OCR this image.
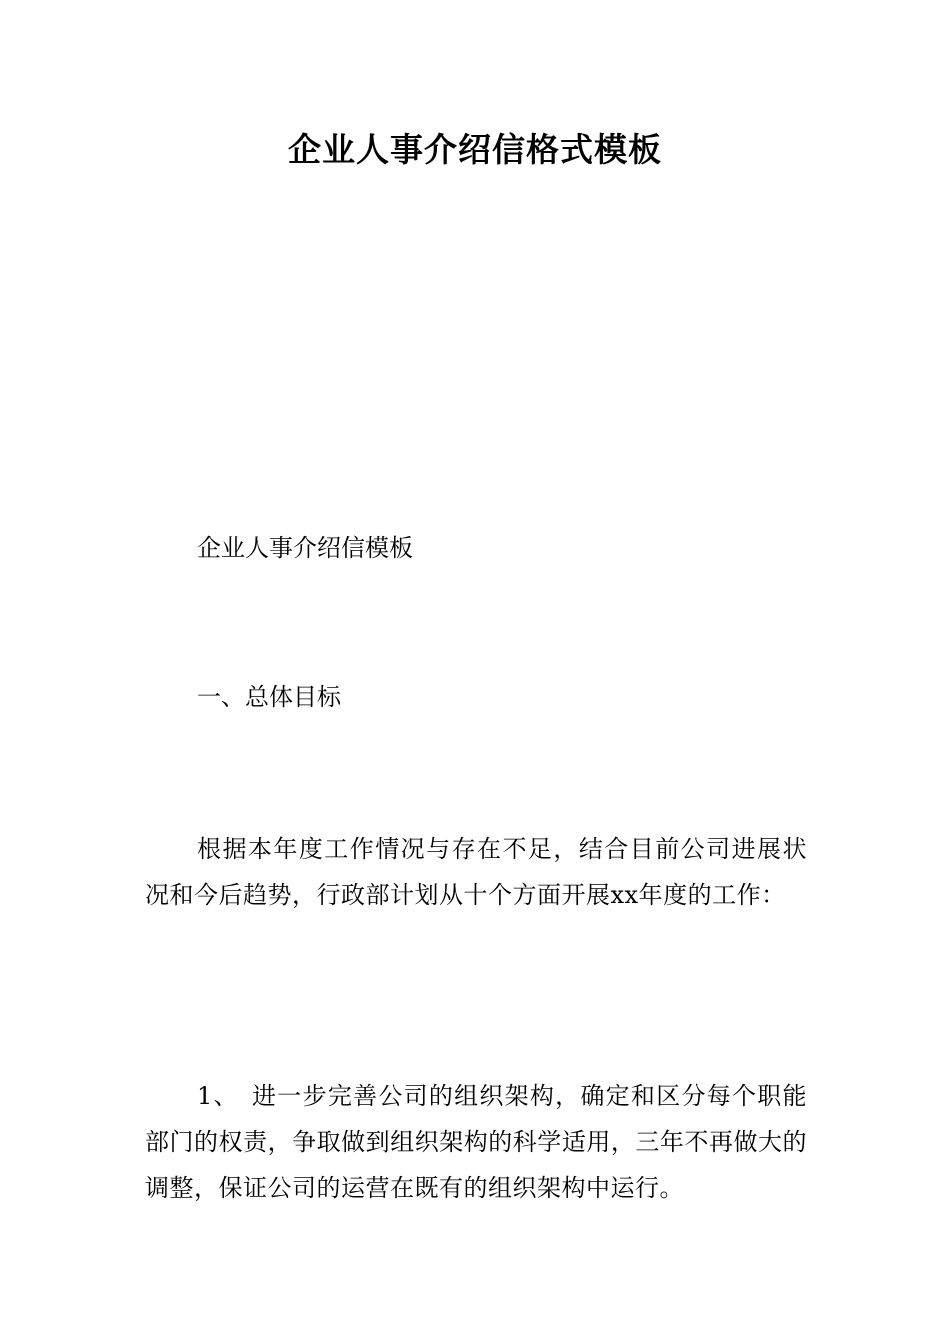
企业人事介绍信格式模板
企业人事介绍信模板
一、总体目标
根据本年度工作情况与存在不足，结合目前公司进展状况和今后趋势，行政部计划从十个方面开展xx年度的工作：
1、　进一步完善公司的组织架构，确定和区分每个职能部门的权责，争取做到组织架构的科学适用，三年不再做大的调整，保证公司的运营在既有的组织架构中运行。
